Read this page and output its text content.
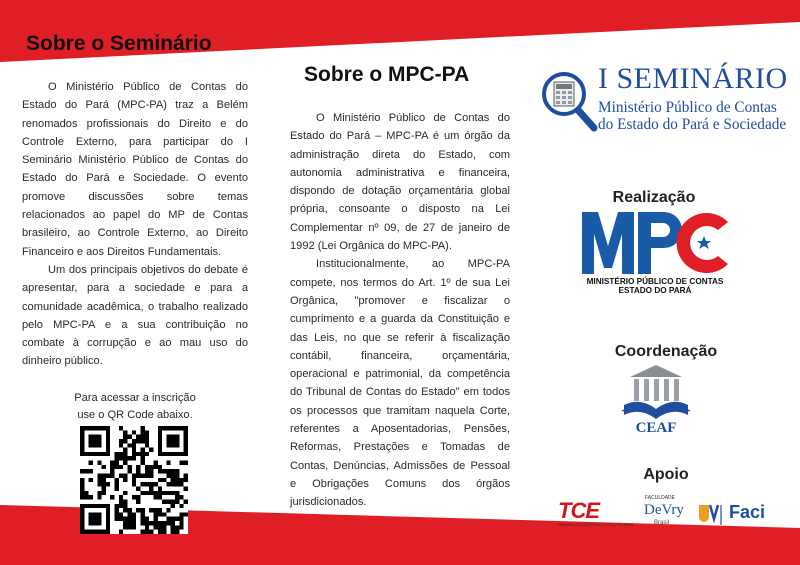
Sobre o Seminário

O Ministério Público de Contas do Estado do Pará (MPC-PA) traz a Belém renomados profissionais do Direito e do Controle Externo, para participar do I Seminário Ministério Público de Contas do Estado do Pará e Sociedade. O evento promove discussões sobre temas relacionados ao papel do MP de Contas brasileiro, ao Controle Externo, ao Direito Financeiro e aos Direitos Fundamentais.

Um dos principais objetivos do debate é apresentar, para a sociedade e para a comunidade acadêmica, o trabalho realizado pelo MPC-PA e a sua contribuição no combate à corrupção e ao mau uso do dinheiro público.

Para acessar a inscrição
use o QR Code abaixo.
Sobre o MPC-PA

O Ministério Público de Contas do Estado do Pará – MPC-PA é um órgão da administração direta do Estado, com autonomia administrativa e financeira, dispondo de dotação orçamentária global própria, consoante o disposto na Lei Complementar nº 09, de 27 de janeiro de 1992 (Lei Orgânica do MPC-PA).

Institucionalmente, ao MPC-PA compete, nos termos do Art. 1º de sua Lei Orgânica, "promover e fiscalizar o cumprimento e a guarda da Constituição e das Leis, no que se referir à fiscalização contábil, financeira, orçamentária, operacional e patrimonial, da competência do Tribunal de Contas do Estado" em todos os processos que tramitam naquela Corte, referentes a Aposentadorias, Pensões, Reformas, Prestações e Tomadas de Contas, Denúncias, Admissões de Pessoal e Obrigações Comuns dos órgãos jurisdicionados.

I SEMINÁRIO
Ministério Público de Contas
do Estado do Pará e Sociedade
Realização
MINISTÉRIO PÚBLICO DE CONTAS
ESTADO DO PARÁ
Coordenação
CEAF
Apoio
TCE
TRIBUNAL DE CONTAS DO ESTADO DO PARÁ
FACULDADE
DeVry
Brasil
Faci
